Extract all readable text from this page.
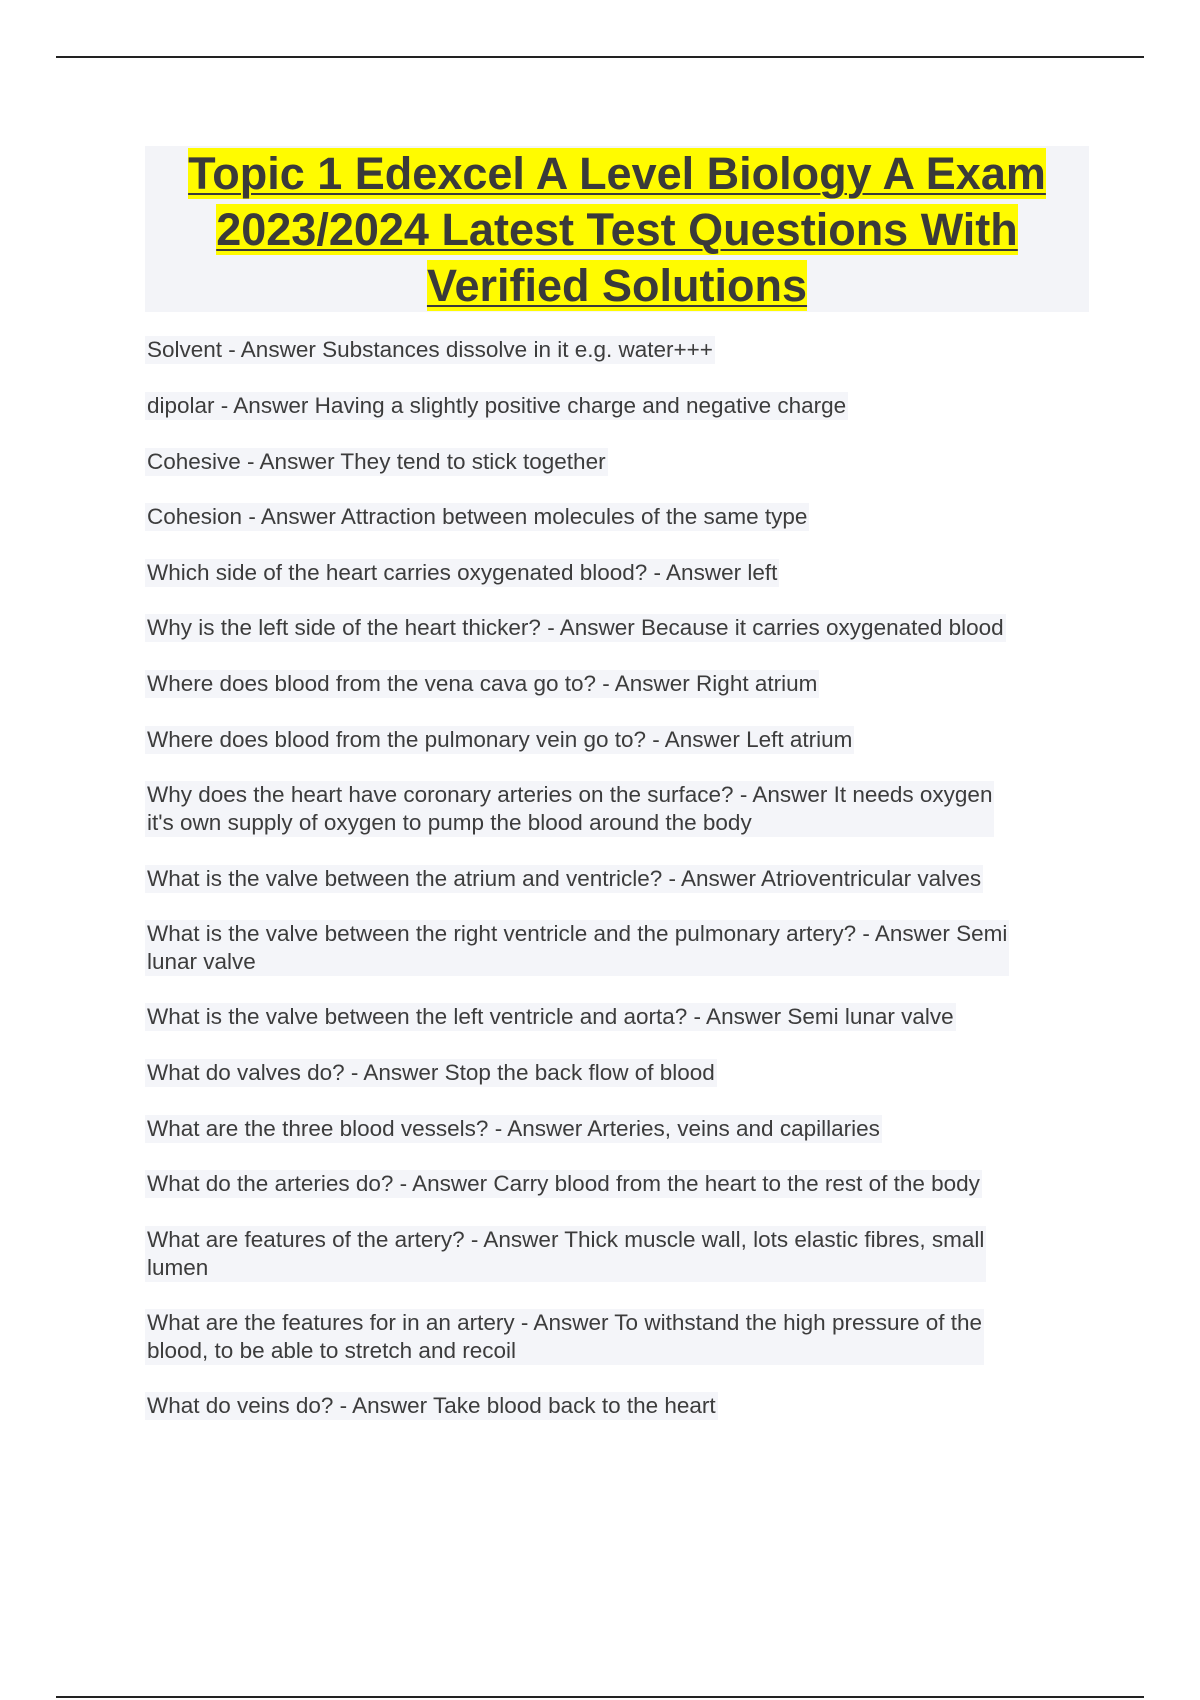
Topic 1 Edexcel A Level Biology A Exam
2023/2024 Latest Test Questions With
Verified Solutions
Solvent - Answer Substances dissolve in it e.g. water+++
dipolar - Answer Having a slightly positive charge and negative charge
Cohesive - Answer They tend to stick together
Cohesion - Answer Attraction between molecules of the same type
Which side of the heart carries oxygenated blood? - Answer left
Why is the left side of the heart thicker? - Answer Because it carries oxygenated blood
Where does blood from the vena cava go to? - Answer Right atrium
Where does blood from the pulmonary vein go to? - Answer Left atrium
Why does the heart have coronary arteries on the surface? - Answer It needs oxygen
it's own supply of oxygen to pump the blood around the body
What is the valve between the atrium and ventricle? - Answer Atrioventricular valves
What is the valve between the right ventricle and the pulmonary artery? - Answer Semi
lunar valve
What is the valve between the left ventricle and aorta? - Answer Semi lunar valve
What do valves do? - Answer Stop the back flow of blood
What are the three blood vessels? - Answer Arteries, veins and capillaries
What do the arteries do? - Answer Carry blood from the heart to the rest of the body
What are features of the artery? - Answer Thick muscle wall, lots elastic fibres, small
lumen
What are the features for in an artery - Answer To withstand the high pressure of the
blood, to be able to stretch and recoil
What do veins do? - Answer Take blood back to the heart
